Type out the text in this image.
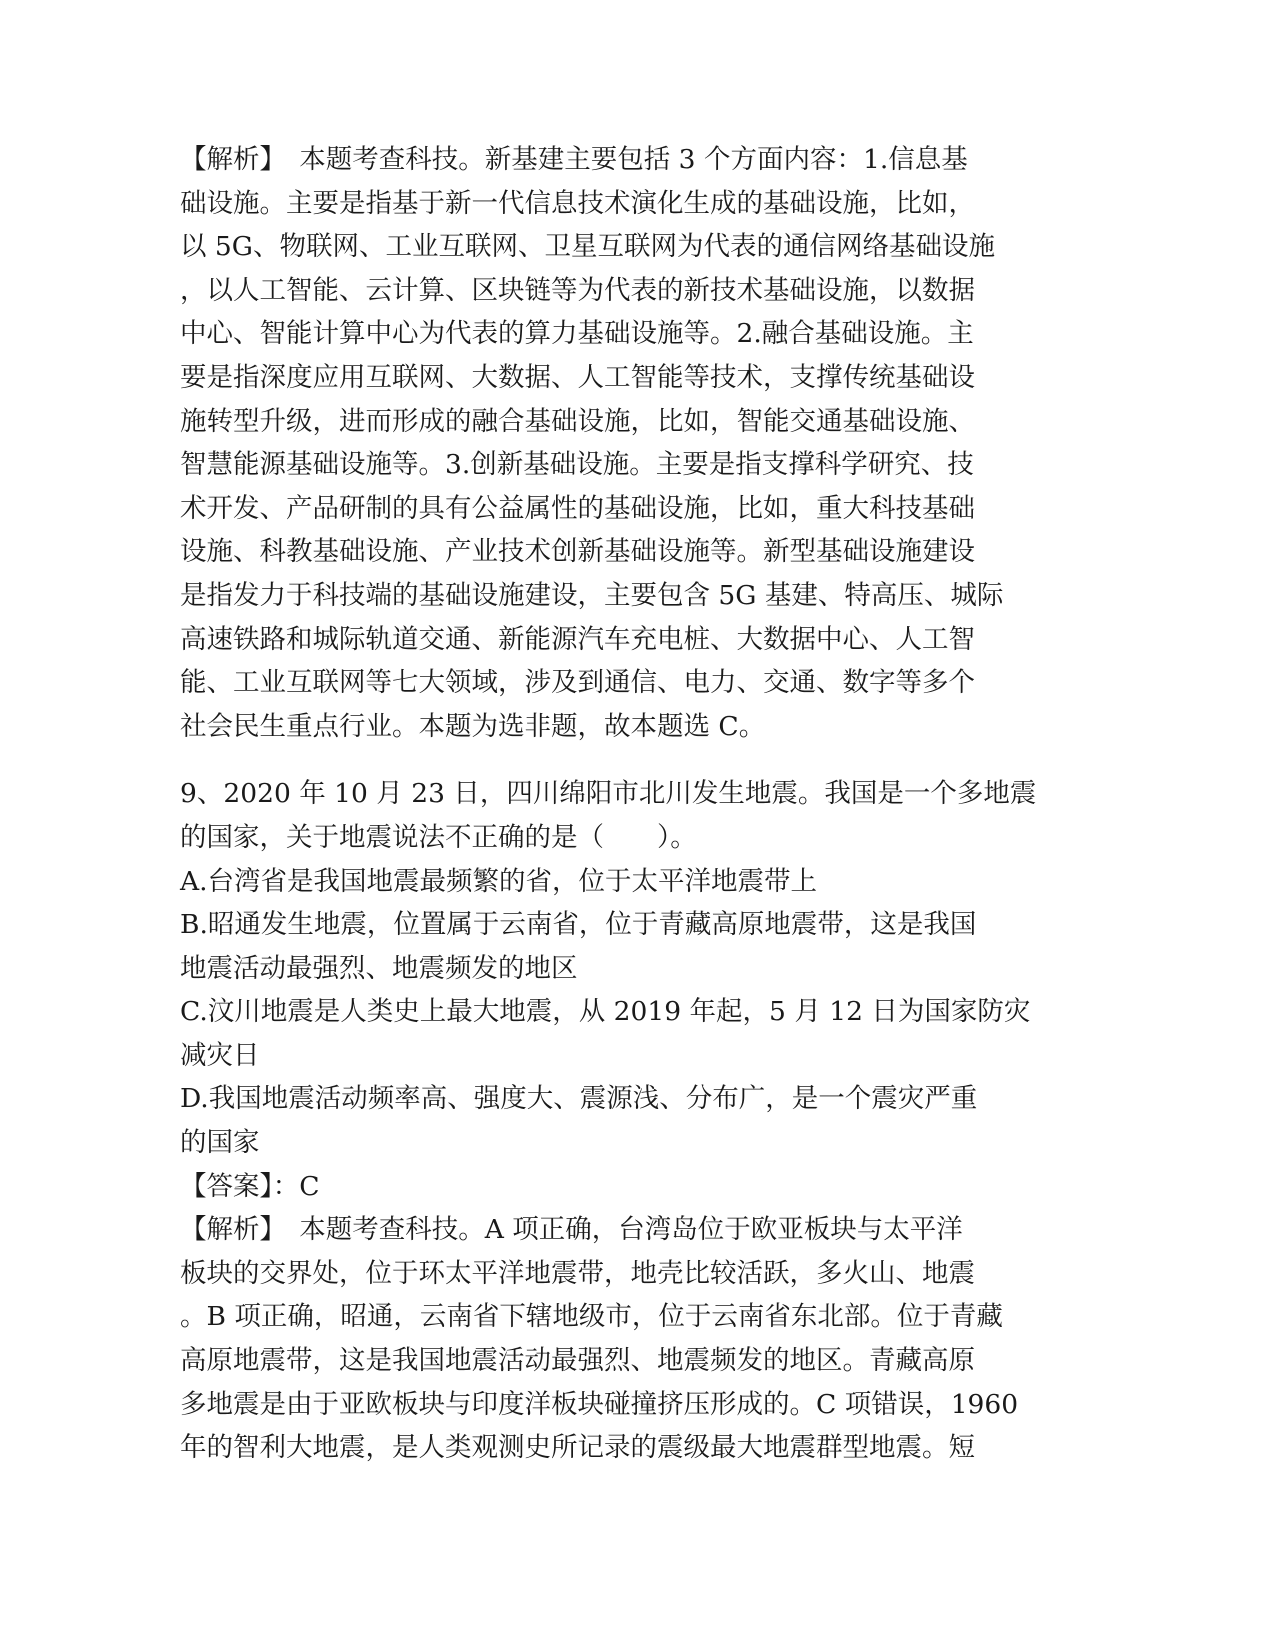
【解析】　本题考查科技。新基建主要包括 3 个方面内容：1.信息基

础设施。主要是指基于新一代信息技术演化生成的基础设施，比如，

以 5G、物联网、工业互联网、卫星互联网为代表的通信网络基础设施

，以人工智能、云计算、区块链等为代表的新技术基础设施，以数据

中心、智能计算中心为代表的算力基础设施等。2.融合基础设施。主

要是指深度应用互联网、大数据、人工智能等技术，支撑传统基础设

施转型升级，进而形成的融合基础设施，比如，智能交通基础设施、

智慧能源基础设施等。3.创新基础设施。主要是指支撑科学研究、技

术开发、产品研制的具有公益属性的基础设施，比如，重大科技基础

设施、科教基础设施、产业技术创新基础设施等。新型基础设施建设

是指发力于科技端的基础设施建设，主要包含 5G 基建、特高压、城际

高速铁路和城际轨道交通、新能源汽车充电桩、大数据中心、人工智

能、工业互联网等七大领域，涉及到通信、电力、交通、数字等多个

社会民生重点行业。本题为选非题，故本题选 C。

9、2020 年 10 月 23 日，四川绵阳市北川发生地震。我国是一个多地震

的国家，关于地震说法不正确的是（　　）。

A.台湾省是我国地震最频繁的省，位于太平洋地震带上

B.昭通发生地震，位置属于云南省，位于青藏高原地震带，这是我国

地震活动最强烈、地震频发的地区

C.汶川地震是人类史上最大地震，从 2019 年起，5 月 12 日为国家防灾

减灾日

D.我国地震活动频率高、强度大、震源浅、分布广，是一个震灾严重

的国家

【答案】：C

【解析】　本题考查科技。A 项正确，台湾岛位于欧亚板块与太平洋

板块的交界处，位于环太平洋地震带，地壳比较活跃，多火山、地震

。B 项正确，昭通，云南省下辖地级市，位于云南省东北部。位于青藏

高原地震带，这是我国地震活动最强烈、地震频发的地区。青藏高原

多地震是由于亚欧板块与印度洋板块碰撞挤压形成的。C 项错误，1960

年的智利大地震，是人类观测史所记录的震级最大地震群型地震。短
